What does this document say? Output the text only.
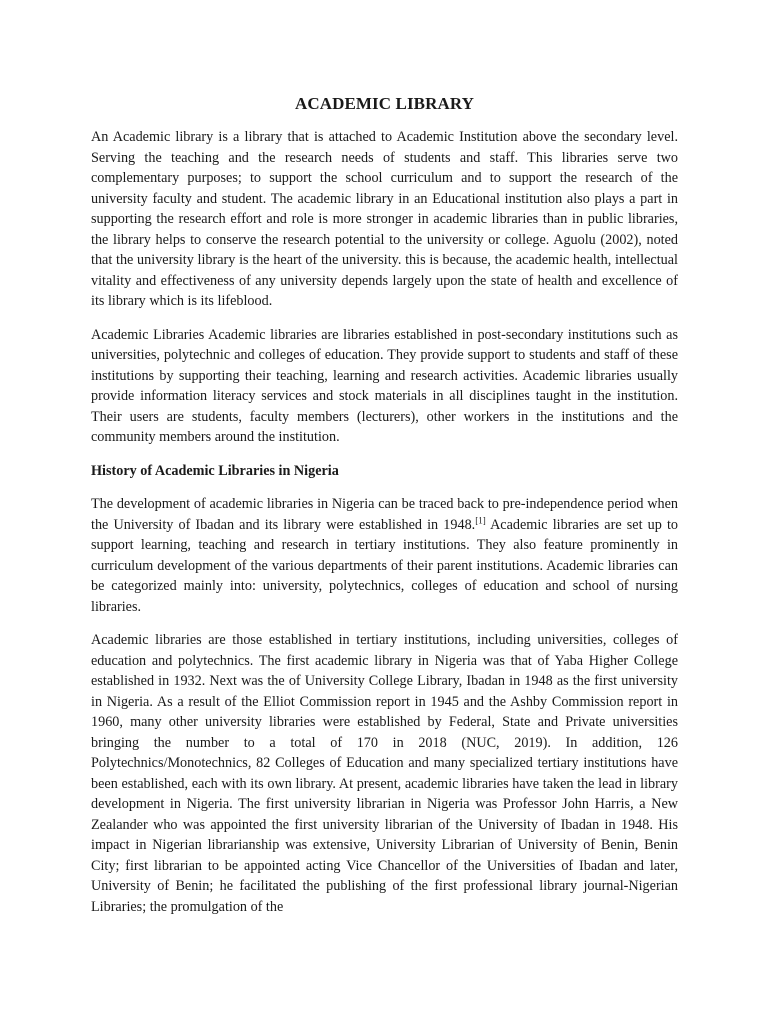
ACADEMIC LIBRARY

An Academic library is a library that is attached to Academic Institution above the secondary level. Serving the teaching and the research needs of students and staff. This libraries serve two complementary purposes; to support the school curriculum and to support the research of the university faculty and student. The academic library in an Educational institution also plays a part in supporting the research effort and role is more stronger in academic libraries than in public libraries, the library helps to conserve the research potential to the university or college. Aguolu (2002), noted that the university library is the heart of the university. this is because, the academic health, intellectual vitality and effectiveness of any university depends largely upon the state of health and excellence of its library which is its lifeblood.

Academic Libraries Academic libraries are libraries established in post-secondary institutions such as universities, polytechnic and colleges of education. They provide support to students and staff of these institutions by supporting their teaching, learning and research activities. Academic libraries usually provide information literacy services and stock materials in all disciplines taught in the institution. Their users are students, faculty members (lecturers), other workers in the institutions and the community members around the institution.

History of Academic Libraries in Nigeria

The development of academic libraries in Nigeria can be traced back to pre-independence period when the University of Ibadan and its library were established in 1948.[1] Academic libraries are set up to support learning, teaching and research in tertiary institutions. They also feature prominently in curriculum development of the various departments of their parent institutions. Academic libraries can be categorized mainly into: university, polytechnics, colleges of education and school of nursing libraries.

Academic libraries are those established in tertiary institutions, including universities, colleges of education and polytechnics. The first academic library in Nigeria was that of Yaba Higher College established in 1932. Next was the of University College Library, Ibadan in 1948 as the first university in Nigeria. As a result of the Elliot Commission report in 1945 and the Ashby Commission report in 1960, many other university libraries were established by Federal, State and Private universities bringing the number to a total of 170 in 2018 (NUC, 2019). In addition, 126 Polytechnics/Monotechnics, 82 Colleges of Education and many specialized tertiary institutions have been established, each with its own library. At present, academic libraries have taken the lead in library development in Nigeria. The first university librarian in Nigeria was Professor John Harris, a New Zealander who was appointed the first university librarian of the University of Ibadan in 1948. His impact in Nigerian librarianship was extensive, University Librarian of University of Benin, Benin City; first librarian to be appointed acting Vice Chancellor of the Universities of Ibadan and later, University of Benin; he facilitated the publishing of the first professional library journal-Nigerian Libraries; the promulgation of the
